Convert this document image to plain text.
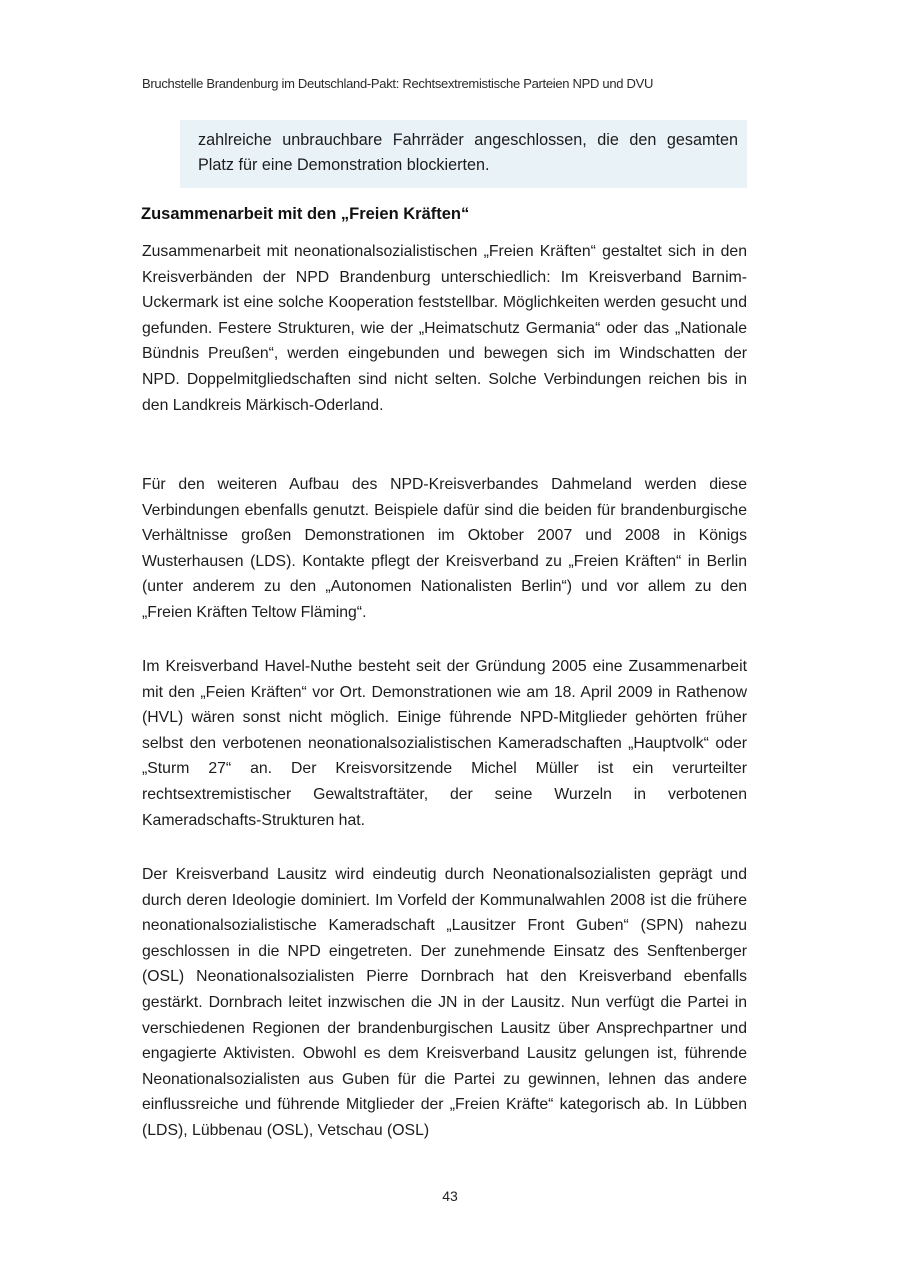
Bruchstelle Brandenburg im Deutschland-Pakt: Rechtsextremistische Parteien NPD und DVU
zahlreiche unbrauchbare Fahrräder angeschlossen, die den gesamten Platz für eine Demonstration blockierten.
Zusammenarbeit mit den „Freien Kräften“

Zusammenarbeit mit neonationalsozialistischen „Freien Kräften“ gestaltet sich in den Kreisverbänden der NPD Brandenburg unterschiedlich: Im Kreisverband Barnim-Uckermark ist eine solche Kooperation feststellbar. Möglichkeiten werden gesucht und gefunden. Festere Strukturen, wie der „Heimatschutz Germania“ oder das „Nationale Bündnis Preußen“, werden eingebunden und bewegen sich im Windschatten der NPD. Doppelmitgliedschaften sind nicht selten. Solche Verbindungen reichen bis in den Landkreis Märkisch-Oderland.

Für den weiteren Aufbau des NPD-Kreisverbandes Dahmeland werden diese Verbindungen ebenfalls genutzt. Beispiele dafür sind die beiden für brandenburgische Verhältnisse großen Demonstrationen im Oktober 2007 und 2008 in Königs Wusterhausen (LDS). Kontakte pflegt der Kreisverband zu „Freien Kräften“ in Berlin (unter anderem zu den „Autonomen Nationalisten Berlin“) und vor allem zu den „Freien Kräften Teltow Fläming“.

Im Kreisverband Havel-Nuthe besteht seit der Gründung 2005 eine Zusammenarbeit mit den „Feien Kräften“ vor Ort. Demonstrationen wie am 18. April 2009 in Rathenow (HVL) wären sonst nicht möglich. Einige führende NPD-Mitglieder gehörten früher selbst den verbotenen neonationalsozialistischen Kameradschaften „Hauptvolk“ oder „Sturm 27“ an. Der Kreisvorsitzende Michel Müller ist ein verurteilter rechtsextremistischer Gewaltstraftäter, der seine Wurzeln in verbotenen Kameradschafts-Strukturen hat.

Der Kreisverband Lausitz wird eindeutig durch Neonationalsozialisten geprägt und durch deren Ideologie dominiert. Im Vorfeld der Kommunalwahlen 2008 ist die frühere neonationalsozialistische Kameradschaft „Lausitzer Front Guben“ (SPN) nahezu geschlossen in die NPD eingetreten. Der zunehmende Einsatz des Senftenberger (OSL) Neonationalsozialisten Pierre Dornbrach hat den Kreisverband ebenfalls gestärkt. Dornbrach leitet inzwischen die JN in der Lausitz. Nun verfügt die Partei in verschiedenen Regionen der brandenburgischen Lausitz über Ansprechpartner und engagierte Aktivisten. Obwohl es dem Kreisverband Lausitz gelungen ist, führende Neonationalsozialisten aus Guben für die Partei zu gewinnen, lehnen das andere einflussreiche und führende Mitglieder der „Freien Kräfte“ kategorisch ab. In Lübben (LDS), Lübbenau (OSL), Vetschau (OSL)

43
